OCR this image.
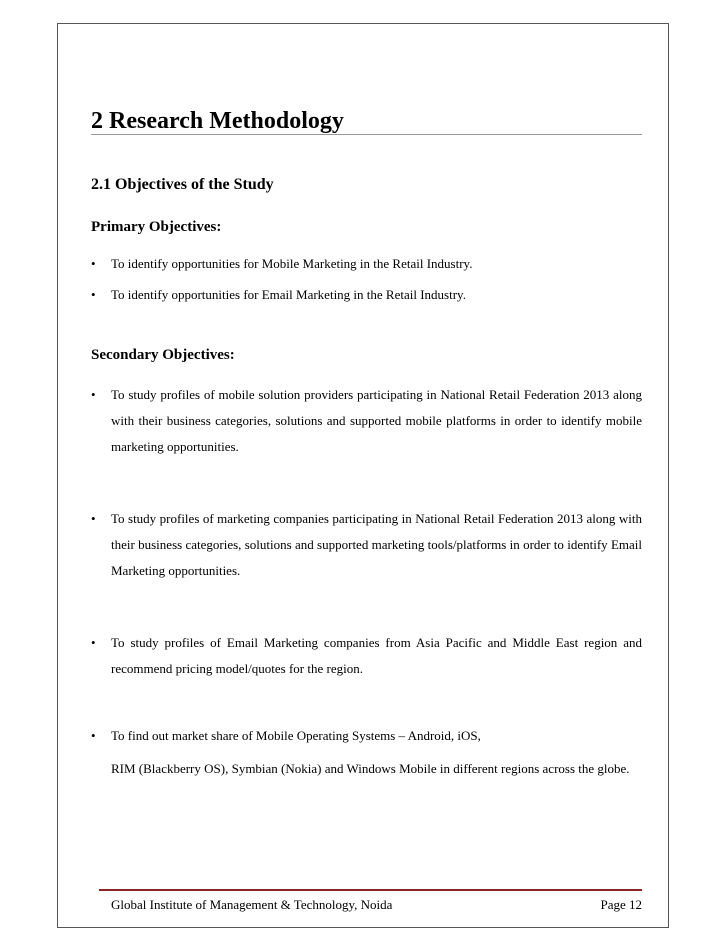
2 Research Methodology
2.1 Objectives of the Study
Primary Objectives:
• To identify opportunities for Mobile Marketing in the Retail Industry.
• To identify opportunities for Email Marketing in the Retail Industry.
Secondary Objectives:
• To study profiles of mobile solution providers participating in National Retail Federation 2013 along with their business categories, solutions and supported mobile platforms in order to identify mobile marketing opportunities.
• To study profiles of marketing companies participating in National Retail Federation 2013 along with their business categories, solutions and supported marketing tools/platforms in order to identify Email Marketing opportunities.
• To study profiles of Email Marketing companies from Asia Pacific and Middle East region and recommend pricing model/quotes for the region.
• To find out market share of Mobile Operating Systems – Android, iOS,
RIM (Blackberry OS), Symbian (Nokia) and Windows Mobile in different regions across the globe.
Global Institute of Management & Technology, Noida	Page 12
